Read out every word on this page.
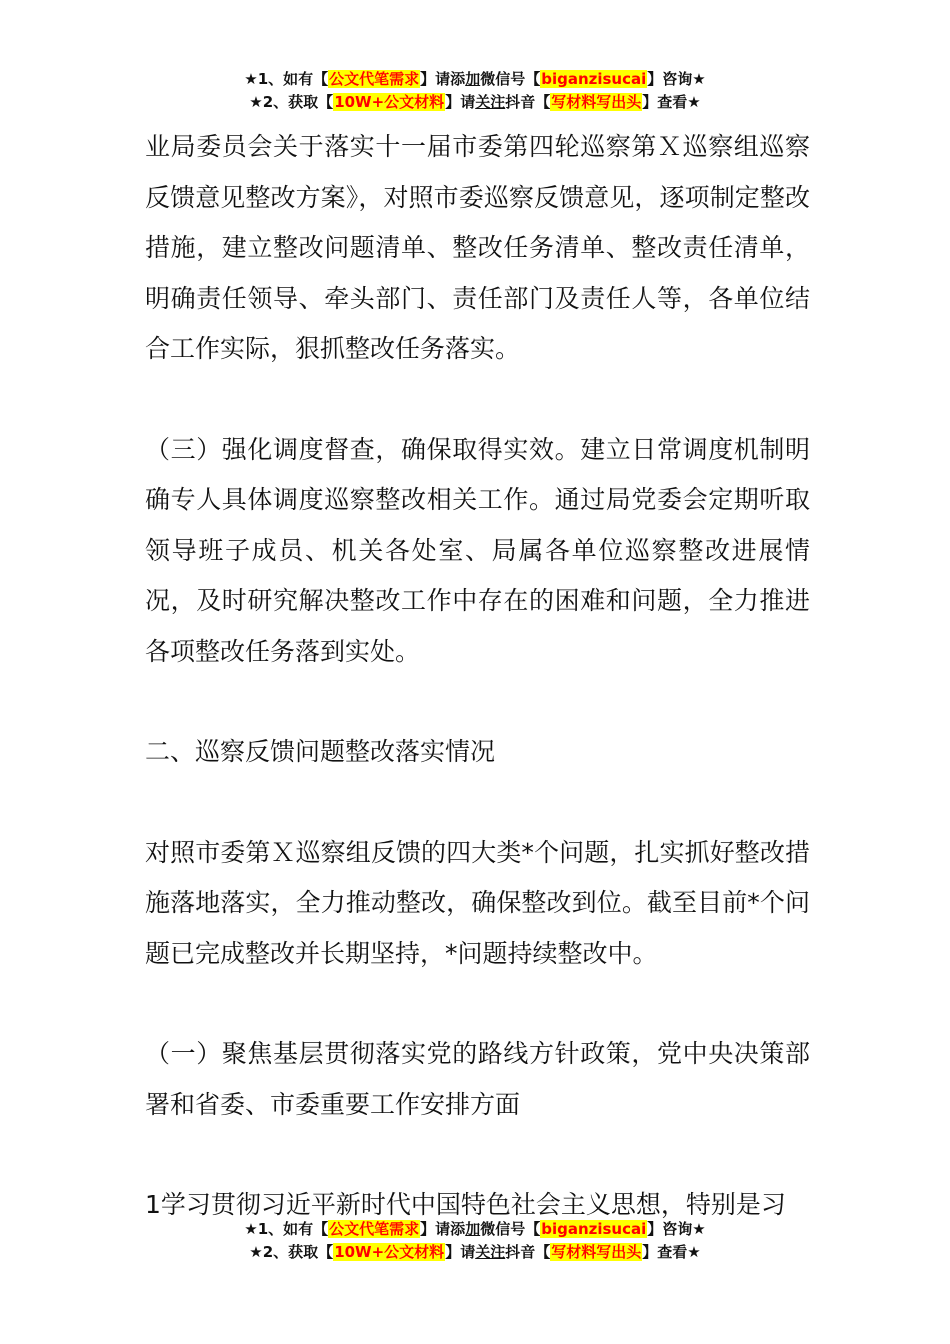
★1、如有【公文代笔需求】请添加微信号【biganzisucai】咨询★
★2、获取【10W+公文材料】请关注抖音【写材料写出头】查看★

业局委员会关于落实十一届市委第四轮巡察第Ｘ巡察组巡察反馈意见整改方案》，对照市委巡察反馈意见，逐项制定整改措施，建立整改问题清单、整改任务清单、整改责任清单，明确责任领导、牵头部门、责任部门及责任人等，各单位结合工作实际，狠抓整改任务落实。

（三）强化调度督查，确保取得实效。建立日常调度机制明确专人具体调度巡察整改相关工作。通过局党委会定期听取领导班子成员、机关各处室、局属各单位巡察整改进展情况，及时研究解决整改工作中存在的困难和问题，全力推进各项整改任务落到实处。

二、巡察反馈问题整改落实情况

对照市委第Ｘ巡察组反馈的四大类*个问题，扎实抓好整改措施落地落实，全力推动整改，确保整改到位。截至目前*个问题已完成整改并长期坚持，*问题持续整改中。

（一）聚焦基层贯彻落实党的路线方针政策，党中央决策部署和省委、市委重要工作安排方面

1学习贯彻习近平新时代中国特色社会主义思想，特别是习

★1、如有【公文代笔需求】请添加微信号【biganzisucai】咨询★
★2、获取【10W+公文材料】请关注抖音【写材料写出头】查看★
